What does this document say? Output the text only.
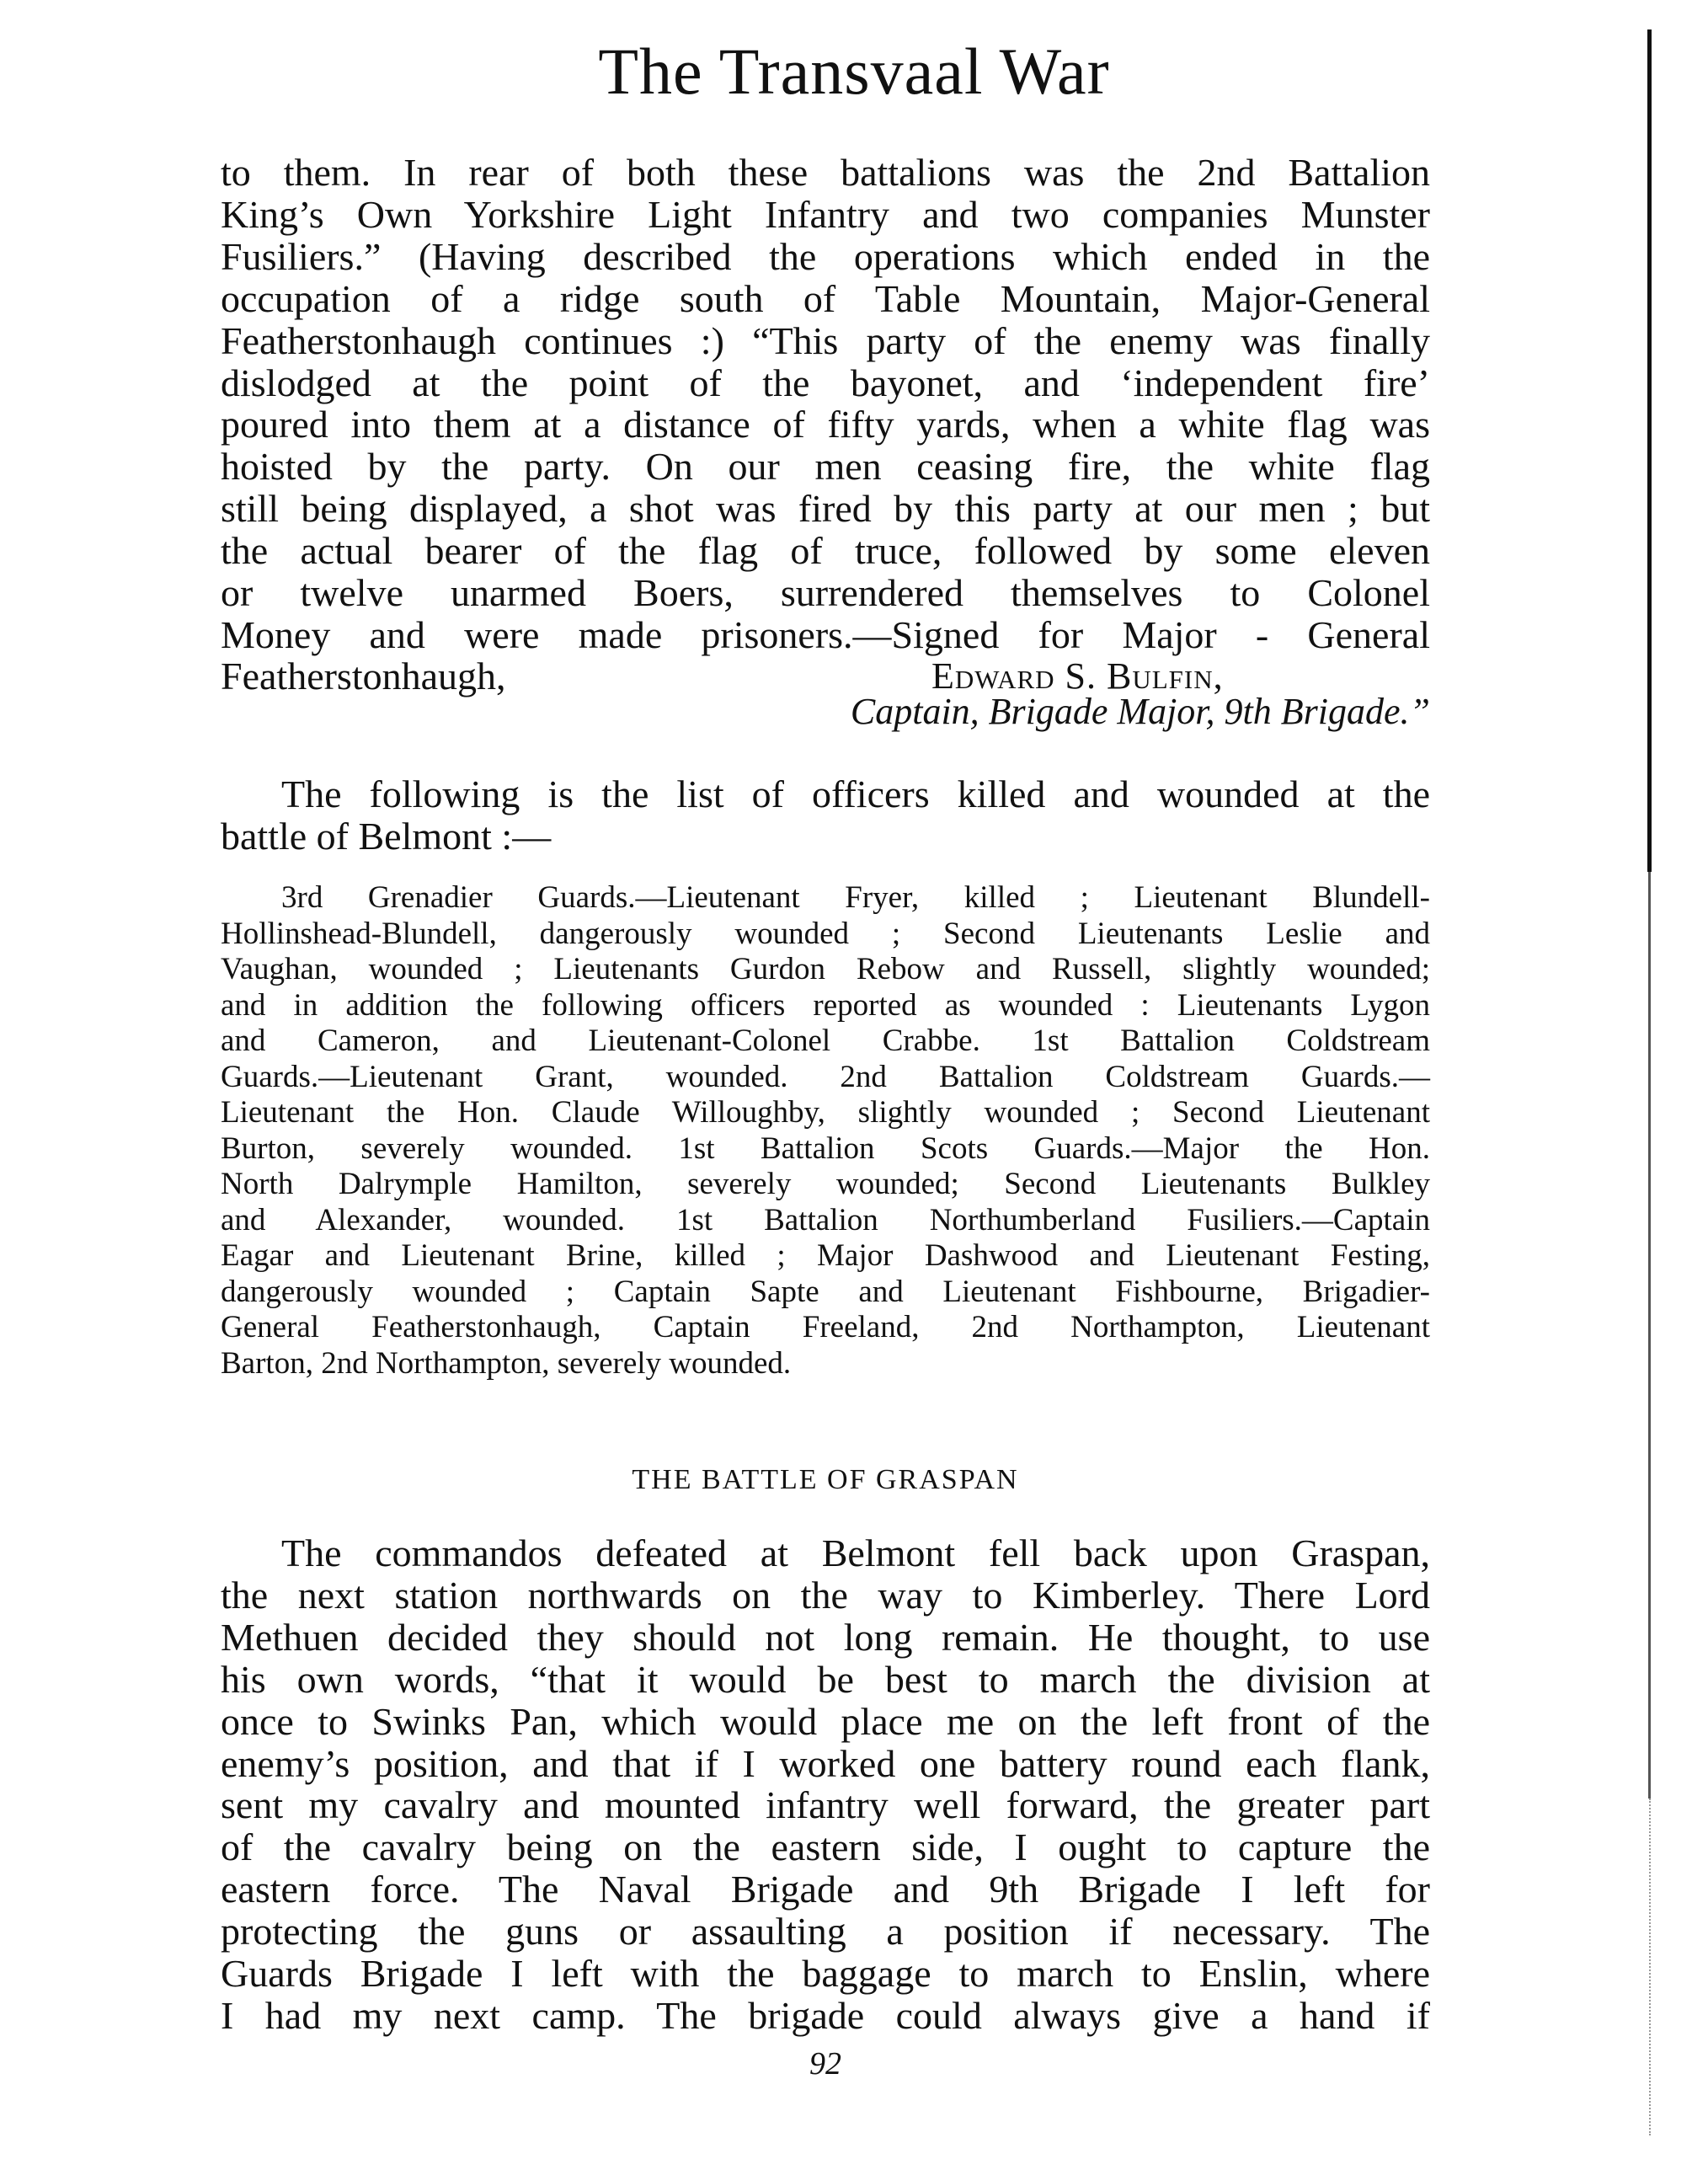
The Transvaal War
to them. In rear of both these battalions was the 2nd Battalion
King’s Own Yorkshire Light Infantry and two companies Munster
Fusiliers.” (Having described the operations which ended in the
occupation of a ridge south of Table Mountain, Major-General
Featherstonhaugh continues :) “This party of the enemy was finally
dislodged at the point of the bayonet, and ‘independent fire’
poured into them at a distance of fifty yards, when a white flag was
hoisted by the party. On our men ceasing fire, the white flag
still being displayed, a shot was fired by this party at our men ; but
the actual bearer of the flag of truce, followed by some eleven
or twelve unarmed Boers, surrendered themselves to Colonel
Money and were made prisoners.—Signed for Major - General
Featherstonhaugh,	Edward S. Bulfin,
Captain, Brigade Major, 9th Brigade.”
The following is the list of officers killed and wounded at the
battle of Belmont :—
3rd Grenadier Guards.—Lieutenant Fryer, killed ; Lieutenant Blundell-
Hollinshead-Blundell, dangerously wounded ; Second Lieutenants Leslie and
Vaughan, wounded ; Lieutenants Gurdon Rebow and Russell, slightly wounded;
and in addition the following officers reported as wounded : Lieutenants Lygon
and Cameron, and Lieutenant-Colonel Crabbe. 1st Battalion Coldstream
Guards.—Lieutenant Grant, wounded. 2nd Battalion Coldstream Guards.—
Lieutenant the Hon. Claude Willoughby, slightly wounded ; Second Lieutenant
Burton, severely wounded. 1st Battalion Scots Guards.—Major the Hon.
North Dalrymple Hamilton, severely wounded; Second Lieutenants Bulkley
and Alexander, wounded. 1st Battalion Northumberland Fusiliers.—Captain
Eagar and Lieutenant Brine, killed ; Major Dashwood and Lieutenant Festing,
dangerously wounded ; Captain Sapte and Lieutenant Fishbourne, Brigadier-
General Featherstonhaugh, Captain Freeland, 2nd Northampton, Lieutenant
Barton, 2nd Northampton, severely wounded.
THE BATTLE OF GRASPAN
The commandos defeated at Belmont fell back upon Graspan,
the next station northwards on the way to Kimberley. There Lord
Methuen decided they should not long remain. He thought, to use
his own words, “that it would be best to march the division at
once to Swinks Pan, which would place me on the left front of the
enemy’s position, and that if I worked one battery round each flank,
sent my cavalry and mounted infantry well forward, the greater part
of the cavalry being on the eastern side, I ought to capture the
eastern force. The Naval Brigade and 9th Brigade I left for
protecting the guns or assaulting a position if necessary. The
Guards Brigade I left with the baggage to march to Enslin, where
I had my next camp. The brigade could always give a hand if
92
